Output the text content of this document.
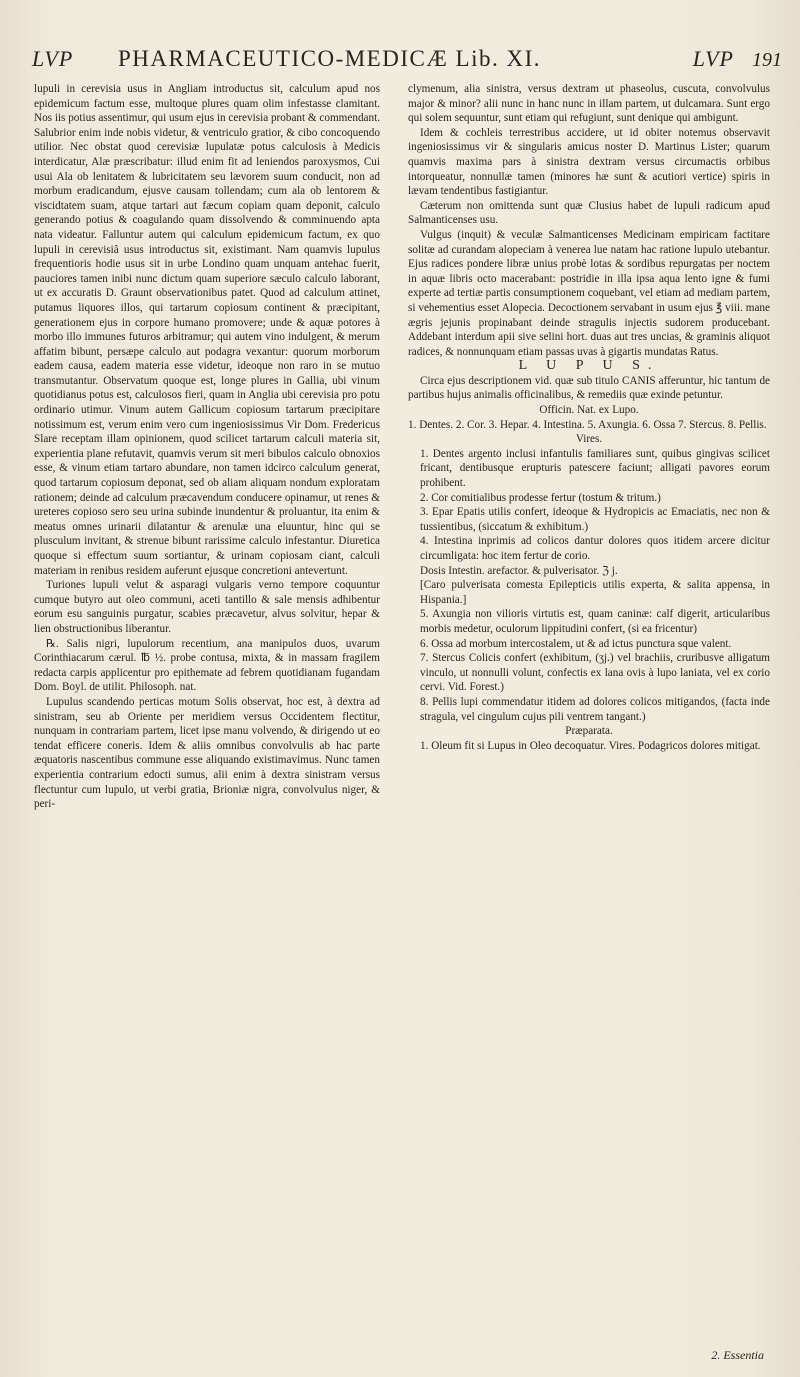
LVP	PHARMACEUTICO-MEDICÆ Lib. XI.	LVP 191

lupuli in cerevisia usus in Angliam introductus sit, calculum apud nos epidemicum factum esse, multoque plures quam olim infestasse clamitant. Nos iis potius assentimur, qui usum ejus in cerevisia probant & commendant. Salubrior enim inde nobis videtur, & ventriculo gratior, & cibo concoquendo utilior. Nec obstat quod cerevisiæ lupulatæ potus calculosis à Medicis interdicatur, Alæ præscribatur: illud enim fit ad leniendos paroxysmos, Cui usui Ala ob lenitatem & lubricitatem seu lævorem suum conducit, non ad morbum eradicandum, ejusve causam tollendam; cum ala ob lentorem & viscidtatem suam, atque tartari aut fæcum copiam quam deponit, calculo generando potius & coagulando quam dissolvendo & comminuendo apta nata videatur. Falluntur autem qui calculum epidemicum factum, ex quo lupuli in cerevisiâ usus introductus sit, existimant. Nam quamvis lupulus frequentioris hodie usus sit in urbe Londino quam unquam antehac fuerit, pauciores tamen inibi nunc dictum quam superiore sæculo calculo laborant, ut ex accuratis D. Graunt observationibus patet. Quod ad calculum attinet, putamus liquores illos, qui tartarum copiosum continent & præcipitant, generationem ejus in corpore humano promovere; unde & aquæ potores à morbo illo immunes futuros arbitramur; qui autem vino indulgent, & merum affatim bibunt, persæpe calculo aut podagra vexantur: quorum morborum eadem causa, eadem materia esse videtur, ideoque non raro in se mutuo transmutantur. Observatum quoque est, longe plures in Gallia, ubi vinum quotidianus potus est, calculosos fieri, quam in Anglia ubi cerevisia pro potu ordinario utimur. Vinum autem Gallicum copiosum tartarum præcipitare notissimum est, verum enim vero cum ingeniosissimus Vir Dom. Fredericus Slare receptam illam opinionem, quod scilicet tartarum calculi materia sit, experientia plane refutavit, quamvis verum sit meri bibulos calculo obnoxios esse, & vinum etiam tartaro abundare, non tamen idcirco calculum generat, quod tartarum copiosum deponat, sed ob aliam aliquam nondum exploratam rationem; deinde ad calculum præcavendum conducere opinamur, ut renes & ureteres copioso sero seu urina subinde inundentur & proluantur, ita enim & meatus omnes urinarii dilatantur & arenulæ una eluuntur, hinc qui se plusculum invitant, & strenue bibunt rarissime calculo infestantur. Diuretica quoque si effectum suum sortiantur, & urinam copiosam ciant, calculi materiam in renibus residem auferunt ejusque concretioni antevertunt.

Turiones lupuli velut & asparagi vulgaris verno tempore coquuntur cumque butyro aut oleo communi, aceti tantillo & sale mensis adhibentur eorum esu sanguinis purgatur, scabies præcavetur, alvus solvitur, hepar & lien obstructionibus liberantur.

℞. Salis nigri, lupulorum recentium, ana manipulos duos, uvarum Corinthiacarum cærul. ℔ ½. probe contusa, mixta, & in massam fragilem redacta carpis applicentur pro epithemate ad febrem quotidianam fugandam Dom. Boyl. de utilit. Philosoph. nat.

Lupulus scandendo perticas motum Solis observat, hoc est, à dextra ad sinistram, seu ab Oriente per meridiem versus Occidentem flectitur, nunquam in contrariam partem, licet ipse manu volvendo, & dirigendo ut eo tendat efficere coneris. Idem & aliis omnibus convolvulis ab hac parte æquatoris nascentibus commune esse aliquando existimavimus. Nunc tamen experientia contrarium edocti sumus, alii enim à dextra sinistram versus flectuntur cum lupulo, ut verbi gratia, Brioniæ nigra, convolvulus niger, & peri-

clymenum, alia sinistra, versus dextram ut phaseolus, cuscuta, convolvulus major & minor? alii nunc in hanc nunc in illam partem, ut dulcamara. Sunt ergo qui solem sequuntur, sunt etiam qui refugiunt, sunt denique qui ambigunt.

Idem & cochleis terrestribus accidere, ut id obiter notemus observavit ingeniosissimus vir & singularis amicus noster D. Martinus Lister; quarum quamvis maxima pars à sinistra dextram versus circumactis orbibus intorqueatur, nonnullæ tamen (minores hæ sunt & acutiori vertice) spiris in lævam tendentibus fastigiantur.

Cæterum non omittenda sunt quæ Clusius habet de lupuli radicum apud Salmanticenses usu.

Vulgus (inquit) & veculæ Salmanticenses Medicinam empiricam factitare solitæ ad curandam alopeciam à venerea lue natam hac ratione lupulo utebantur. Ejus radices pondere libræ unius probè lotas & sordibus repurgatas per noctem in aquæ libris octo macerabant: postridie in illa ipsa aqua lento igne & fumi experte ad tertiæ partis consumptionem coquebant, vel etiam ad mediam partem, si vehementius esset Alopecia. Decoctionem servabant in usum ejus ℥ viii. mane ægris jejunis propinabant deinde stragulis injectis sudorem producebant. Addebant interdum apii sive selini hort. duas aut tres uncias, & graminis aliquot radices, & nonnunquam etiam passas uvas à gigartis mundatas Ratus.

L U P U S.

Circa ejus descriptionem vid. quæ sub titulo CANIS afferuntur, hic tantum de partibus hujus animalis officinalibus, & remediis quæ exinde petuntur.

Officin. Nat. ex Lupo.

1. Dentes. 2. Cor. 3. Hepar. 4. Intestina. 5. Axungia. 6. Ossa 7. Stercus. 8. Pellis.

Vires.

1. Dentes argento inclusi infantulis familiares sunt, quibus gingivas scilicet fricant, dentibusque erupturis patescere faciunt; alligati pavores eorum prohibent.

2. Cor comitialibus prodesse fertur (tostum & tritum.)

3. Epar Epatis utilis confert, ideoque & Hydropicis ac Emaciatis, nec non & tussientibus, (siccatum & exhibitum.)

4. Intestina inprimis ad colicos dantur dolores quos itidem arcere dicitur circumligata: hoc item fertur de corio.

Dosis Intestin. arefactor. & pulverisator. ℨ j.

[Caro pulverisata comesta Epilepticis utilis experta, & salita appensa, in Hispania.]

5. Axungia non vilioris virtutis est, quam caninæ: calf digerit, articularibus morbis medetur, oculorum lippitudini confert, (si ea fricentur)

6. Ossa ad morbum intercostalem, ut & ad ictus punctura sque valent.

7. Stercus Colicis confert (exhibitum, (ʒj.) vel brachiis, cruribusve alligatum vinculo, ut nonnulli volunt, confectis ex lana ovis à lupo laniata, vel ex corio cervi. Vid. Forest.)

8. Pellis lupi commendatur itidem ad dolores colicos mitigandos, (facta inde stragula, vel cingulum cujus pili ventrem tangant.)

Præparata.

1. Oleum fit si Lupus in Oleo decoquatur. Vires. Podagricos dolores mitigat.

2. Essentia
